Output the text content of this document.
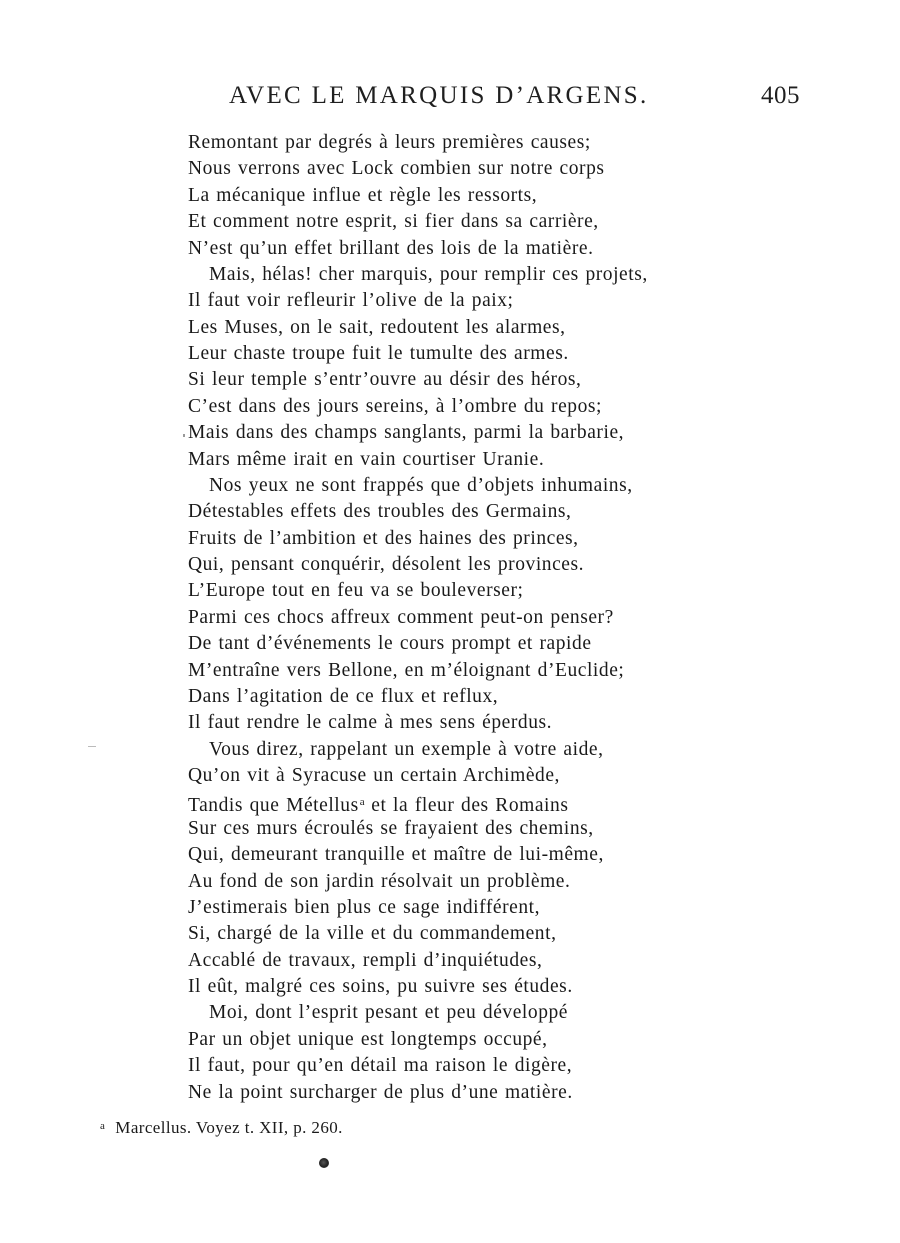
AVEC LE MARQUIS D’ARGENS.	405
Remontant par degrés à leurs premières causes;
Nous verrons avec Lock combien sur notre corps
La mécanique influe et règle les ressorts,
Et comment notre esprit, si fier dans sa carrière,
N’est qu’un effet brillant des lois de la matière.
Mais, hélas! cher marquis, pour remplir ces projets,
Il faut voir refleurir l’olive de la paix;
Les Muses, on le sait, redoutent les alarmes,
Leur chaste troupe fuit le tumulte des armes.
Si leur temple s’entr’ouvre au désir des héros,
C’est dans des jours sereins, à l’ombre du repos;
Mais dans des champs sanglants, parmi la barbarie,
Mars même irait en vain courtiser Uranie.
Nos yeux ne sont frappés que d’objets inhumains,
Détestables effets des troubles des Germains,
Fruits de l’ambition et des haines des princes,
Qui, pensant conquérir, désolent les provinces.
L’Europe tout en feu va se bouleverser;
Parmi ces chocs affreux comment peut-on penser?
De tant d’événements le cours prompt et rapide
M’entraîne vers Bellone, en m’éloignant d’Euclide;
Dans l’agitation de ce flux et reflux,
Il faut rendre le calme à mes sens éperdus.
Vous direz, rappelant un exemple à votre aide,
Qu’on vit à Syracuse un certain Archimède,
Tandis que Métellus$^a$ et la fleur des Romains
Sur ces murs écroulés se frayaient des chemins,
Qui, demeurant tranquille et maître de lui-même,
Au fond de son jardin résolvait un problème.
J’estimerais bien plus ce sage indifférent,
Si, chargé de la ville et du commandement,
Accablé de travaux, rempli d’inquiétudes,
Il eût, malgré ces soins, pu suivre ses études.
Moi, dont l’esprit pesant et peu développé
Par un objet unique est longtemps occupé,
Il faut, pour qu’en détail ma raison le digère,
Ne la point surcharger de plus d’une matière.
$^a$ Marcellus. Voyez t. XII, p. 260.
